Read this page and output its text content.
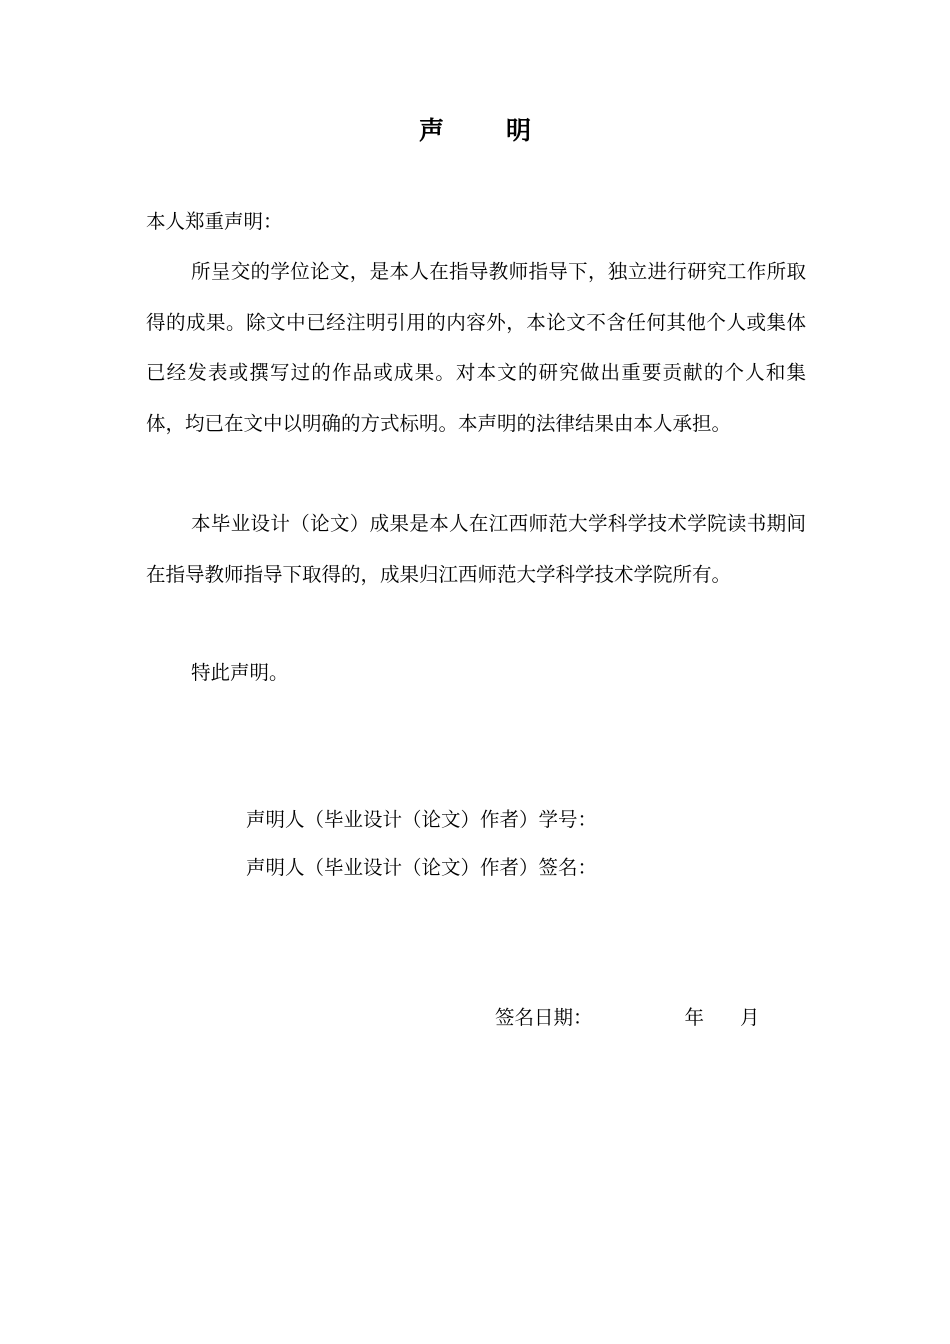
声明
本人郑重声明：
所呈交的学位论文，是本人在指导教师指导下，独立进行研究工作所取得的成果。除文中已经注明引用的内容外，本论文不含任何其他个人或集体已经发表或撰写过的作品或成果。对本文的研究做出重要贡献的个人和集体，均已在文中以明确的方式标明。本声明的法律结果由本人承担。
本毕业设计（论文）成果是本人在江西师范大学科学技术学院读书期间在指导教师指导下取得的，成果归江西师范大学科学技术学院所有。
特此声明。
声明人（毕业设计（论文）作者）学号：
声明人（毕业设计（论文）作者）签名：
签名日期：	年 月
